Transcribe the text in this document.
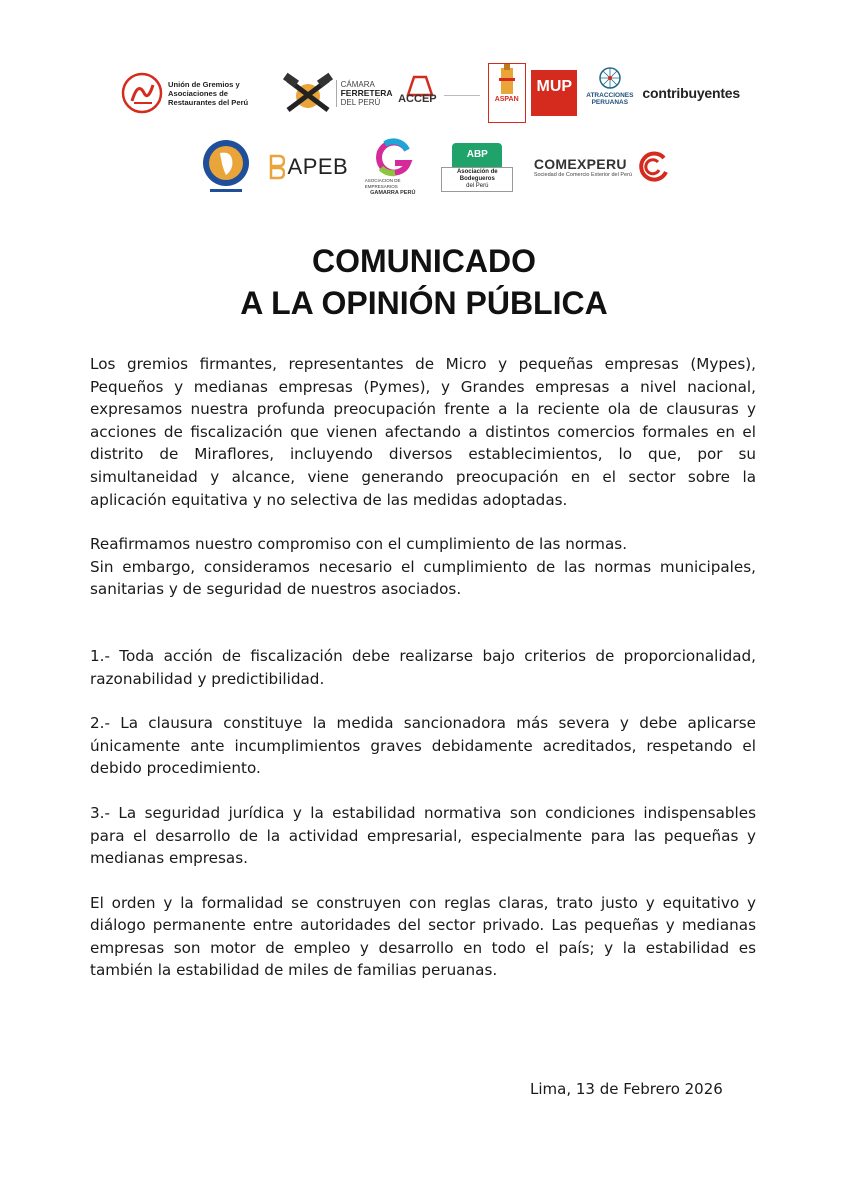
Unión de Gremios y Asociaciones de Restaurantes del Perú
CÁMARA
FERRETERA
DEL PERÚ	ACCEP	ASPAN
MUP
ATRACCIONES
PERUANAS
contribuyentes
APEB
ASOCIACION DE EMPRESARIOS
GAMARRA PERÚ
ABP
Asociación de Bodegueros
del Perú
COMEXPERU
Sociedad de Comercio Exterior del Perú
COMUNICADO
A LA OPINIÓN PÚBLICA

Los gremios firmantes, representantes de Micro y pequeñas empresas (Mypes), Pequeños y medianas empresas (Pymes), y Grandes empresas a nivel nacional, expresamos nuestra profunda preocupación frente a la reciente ola de clausuras y acciones de fiscalización que vienen afectando a distintos comercios formales en el distrito de Miraflores, incluyendo diversos establecimientos, lo que, por su simultaneidad y alcance, viene generando preocupación en el sector sobre la aplicación equitativa y no selectiva de las medidas adoptadas.

Reafirmamos nuestro compromiso con el cumplimiento de las normas.

Sin embargo, consideramos necesario el cumplimiento de las normas municipales, sanitarias y de seguridad de nuestros asociados.

1.- Toda acción de fiscalización debe realizarse bajo criterios de proporcionalidad, razonabilidad y predictibilidad.

2.- La clausura constituye la medida sancionadora más severa y debe aplicarse únicamente ante incumplimientos graves debidamente acreditados, respetando el debido procedimiento.

3.- La seguridad jurídica y la estabilidad normativa son condiciones indispensables para el desarrollo de la actividad empresarial, especialmente para las pequeñas y medianas empresas.

El orden y la formalidad se construyen con reglas claras, trato justo y equitativo y diálogo permanente entre autoridades del sector privado. Las pequeñas y medianas empresas son motor de empleo y desarrollo en todo el país; y la estabilidad es también la estabilidad de miles de familias peruanas.

Lima, 13 de Febrero 2026
